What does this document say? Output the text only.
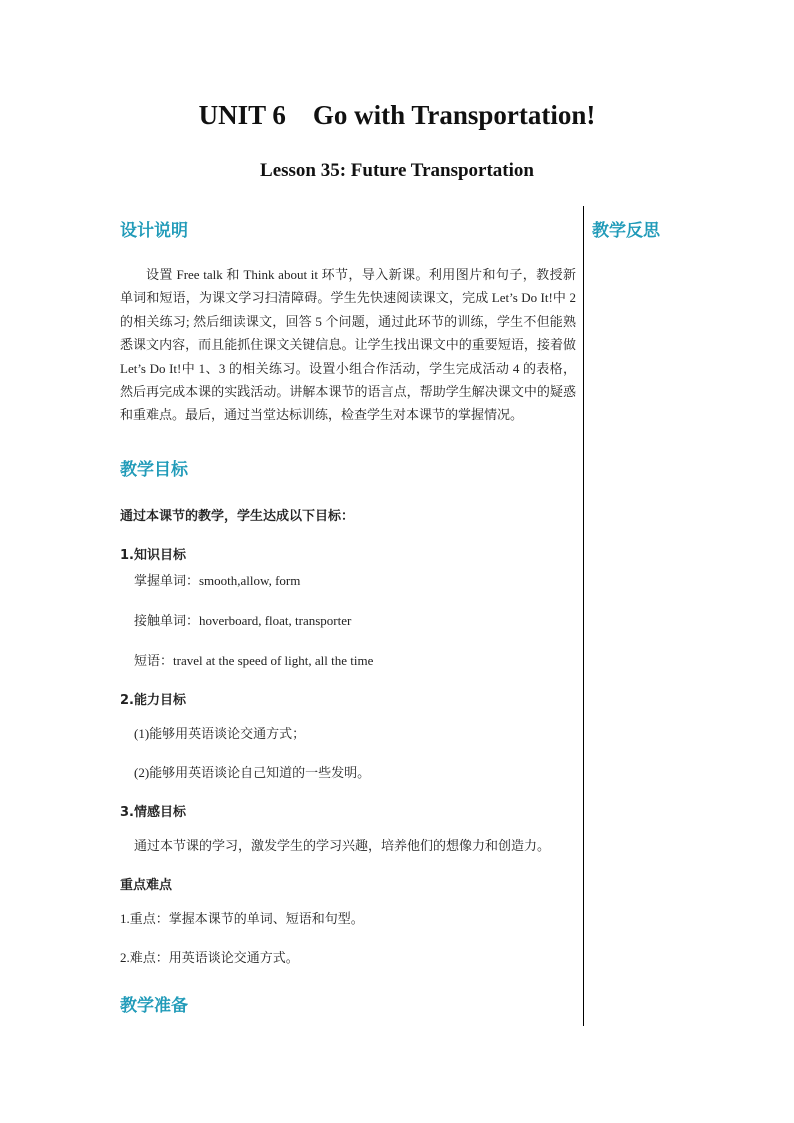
UNIT 6    Go with Transportation!
Lesson 35: Future Transportation
教学反思
设计说明

设置 Free talk 和 Think about it 环节，导入新课。利用图片和句子，教授新单词和短语，为课文学习扫清障碍。学生先快速阅读课文，完成 Let’s Do It!中 2 的相关练习; 然后细读课文，回答 5 个问题，通过此环节的训练，学生不但能熟悉课文内容，而且能抓住课文关键信息。让学生找出课文中的重要短语，接着做 Let’s Do It!中 1、3 的相关练习。设置小组合作活动，学生完成活动 4 的表格，然后再完成本课的实践活动。讲解本课节的语言点，帮助学生解决课文中的疑惑和重难点。最后，通过当堂达标训练，检查学生对本课节的掌握情况。

教学目标

通过本课节的教学，学生达成以下目标：

1.知识目标

掌握单词：smooth,allow, form

接触单词：hoverboard, float, transporter

短语：travel at the speed of light, all the time

2.能力目标

(1)能够用英语谈论交通方式；

(2)能够用英语谈论自己知道的一些发明。

3.情感目标

通过本节课的学习，激发学生的学习兴趣，培养他们的想像力和创造力。

重点难点

1.重点：掌握本课节的单词、短语和句型。

2.难点：用英语谈论交通方式。

教学准备
